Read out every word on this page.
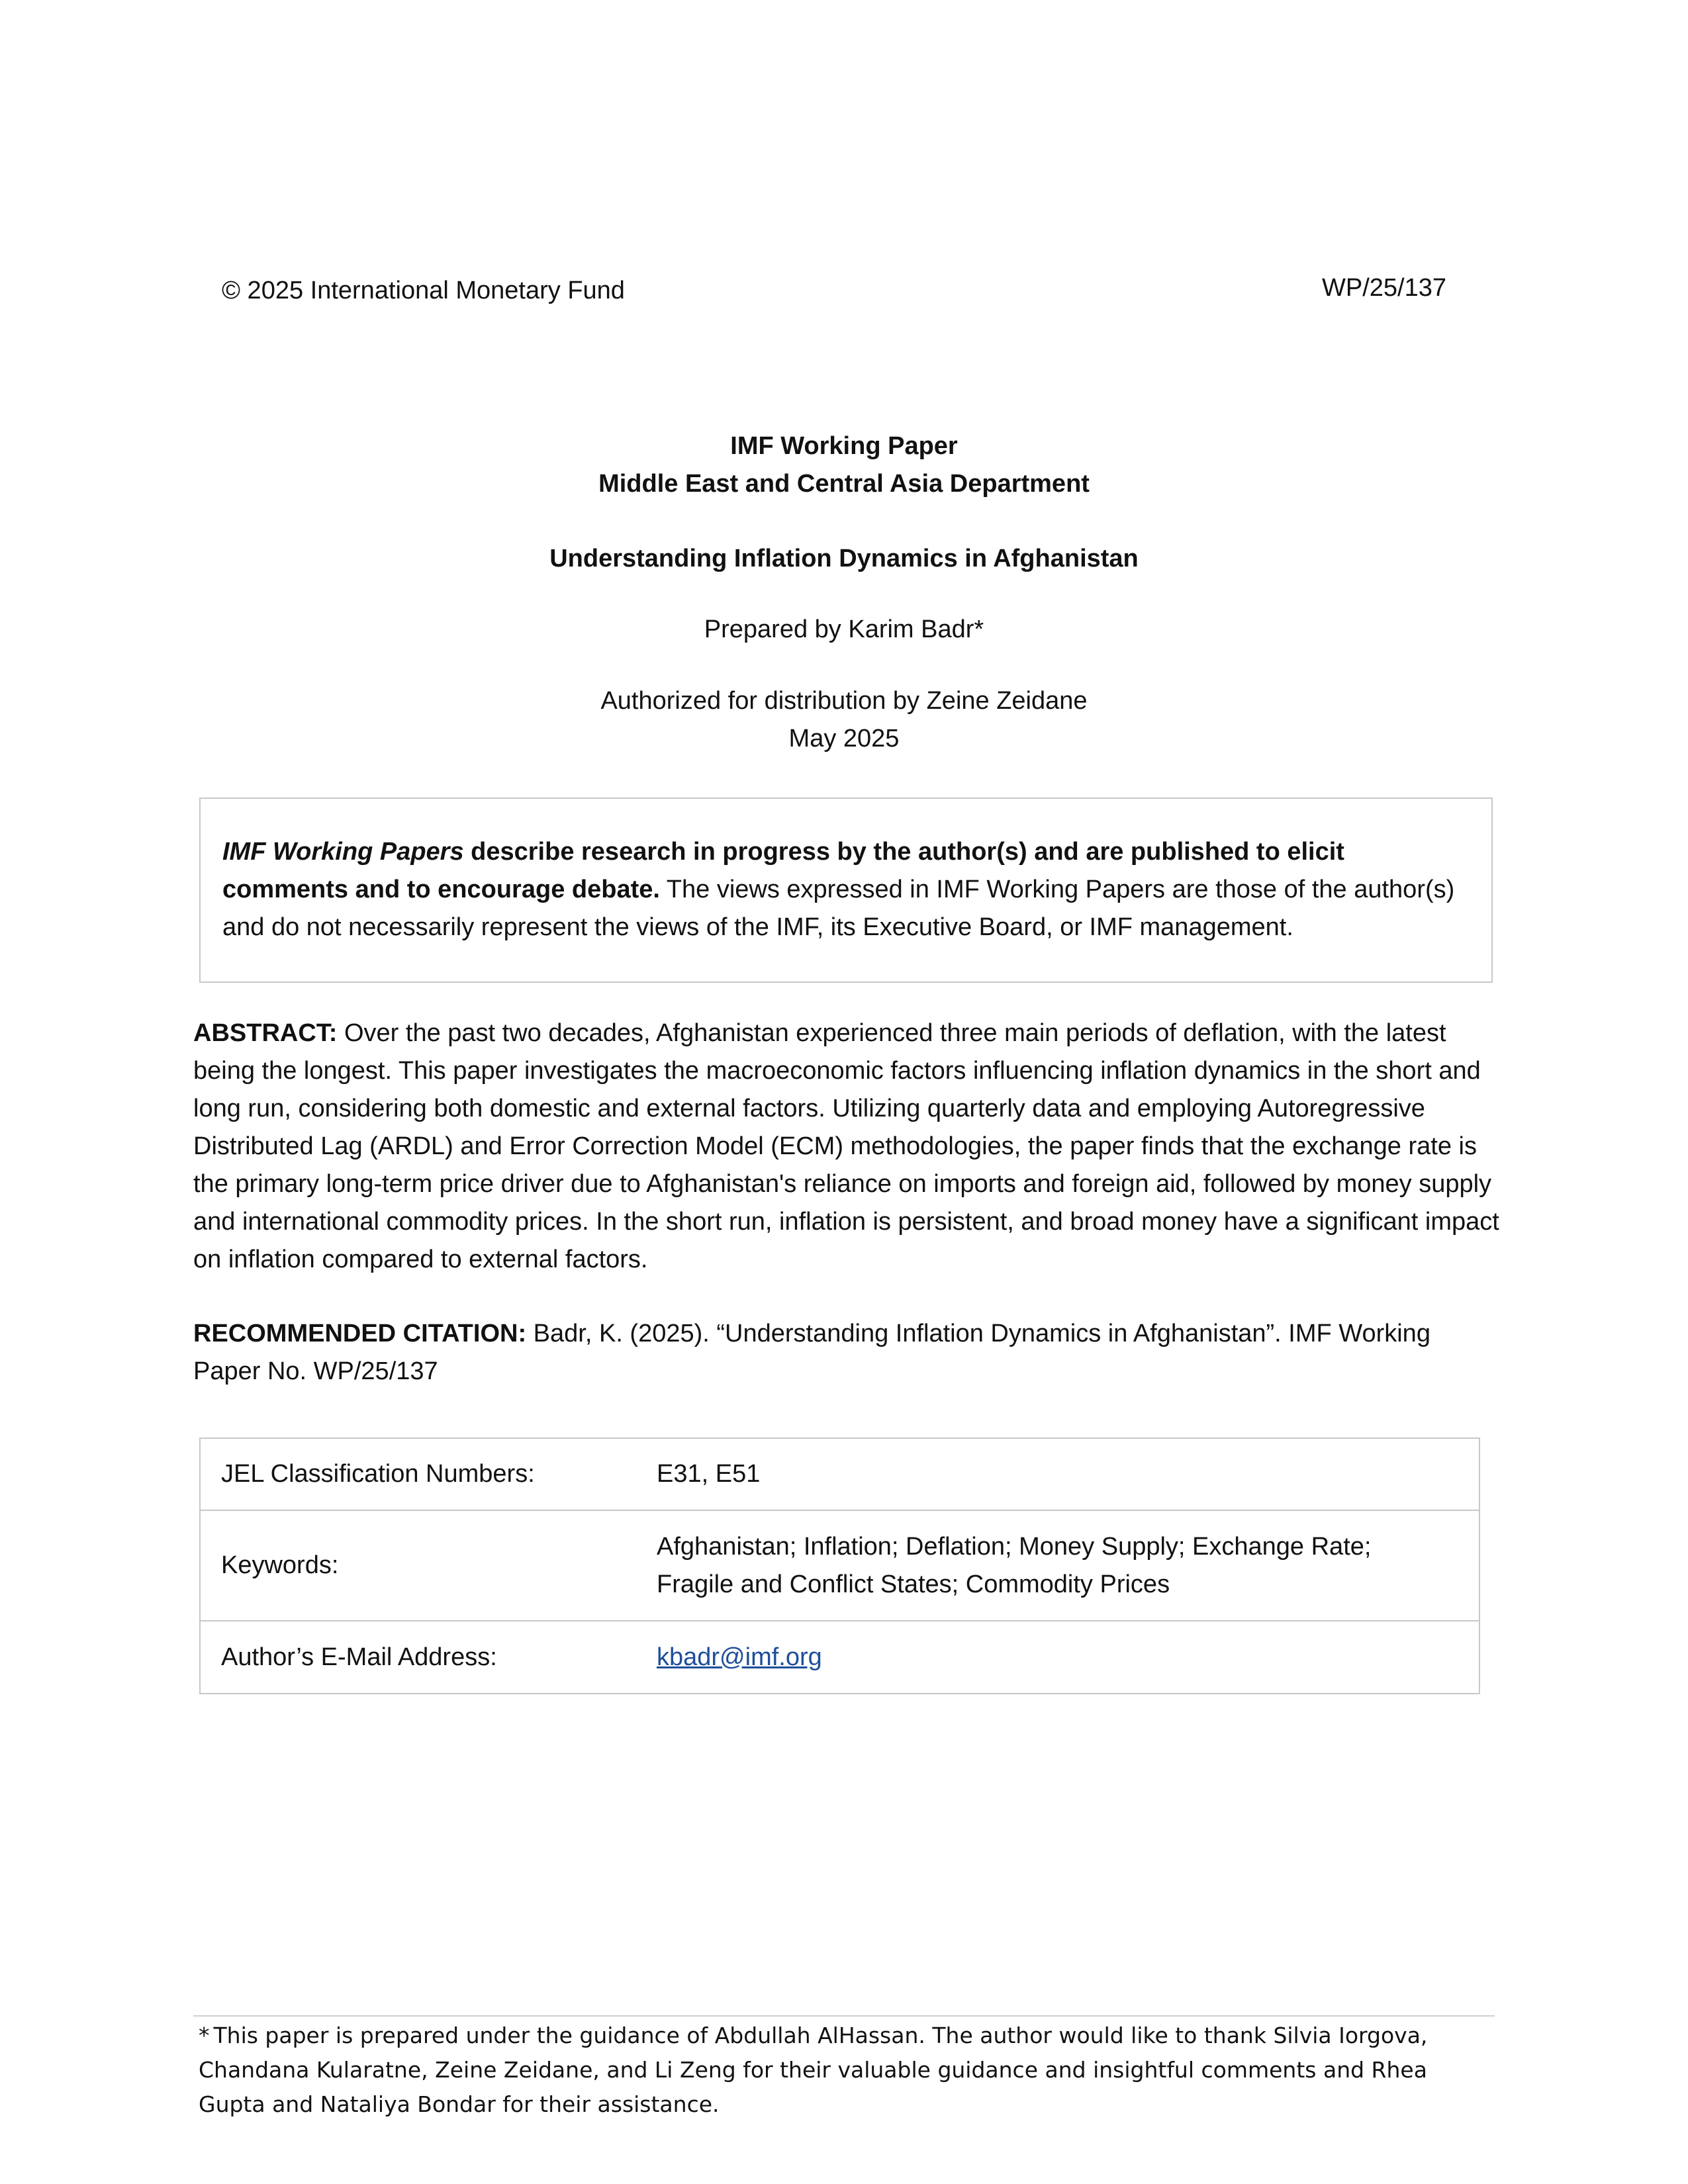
© 2025 International Monetary Fund	WP/25/137
IMF Working Paper
Middle East and Central Asia Department
Understanding Inflation Dynamics in Afghanistan
Prepared by Karim Badr*
Authorized for distribution by Zeine Zeidane
May 2025
IMF Working Papers describe research in progress by the author(s) and are published to elicit comments and to encourage debate. The views expressed in IMF Working Papers are those of the author(s) and do not necessarily represent the views of the IMF, its Executive Board, or IMF management.
ABSTRACT: Over the past two decades, Afghanistan experienced three main periods of deflation, with the latest being the longest. This paper investigates the macroeconomic factors influencing inflation dynamics in the short and long run, considering both domestic and external factors. Utilizing quarterly data and employing Autoregressive Distributed Lag (ARDL) and Error Correction Model (ECM) methodologies, the paper finds that the exchange rate is the primary long-term price driver due to Afghanistan's reliance on imports and foreign aid, followed by money supply and international commodity prices. In the short run, inflation is persistent, and broad money have a significant impact on inflation compared to external factors.
RECOMMENDED CITATION: Badr, K. (2025). “Understanding Inflation Dynamics in Afghanistan”. IMF Working Paper No. WP/25/137
JEL Classification Numbers:	E31, E51
Keywords:	Afghanistan; Inflation; Deflation; Money Supply; Exchange Rate;
Fragile and Conflict States; Commodity Prices
Author’s E-Mail Address:	kbadr@imf.org
* This paper is prepared under the guidance of Abdullah AlHassan. The author would like to thank Silvia Iorgova, Chandana Kularatne, Zeine Zeidane, and Li Zeng for their valuable guidance and insightful comments and Rhea Gupta and Nataliya Bondar for their assistance.
